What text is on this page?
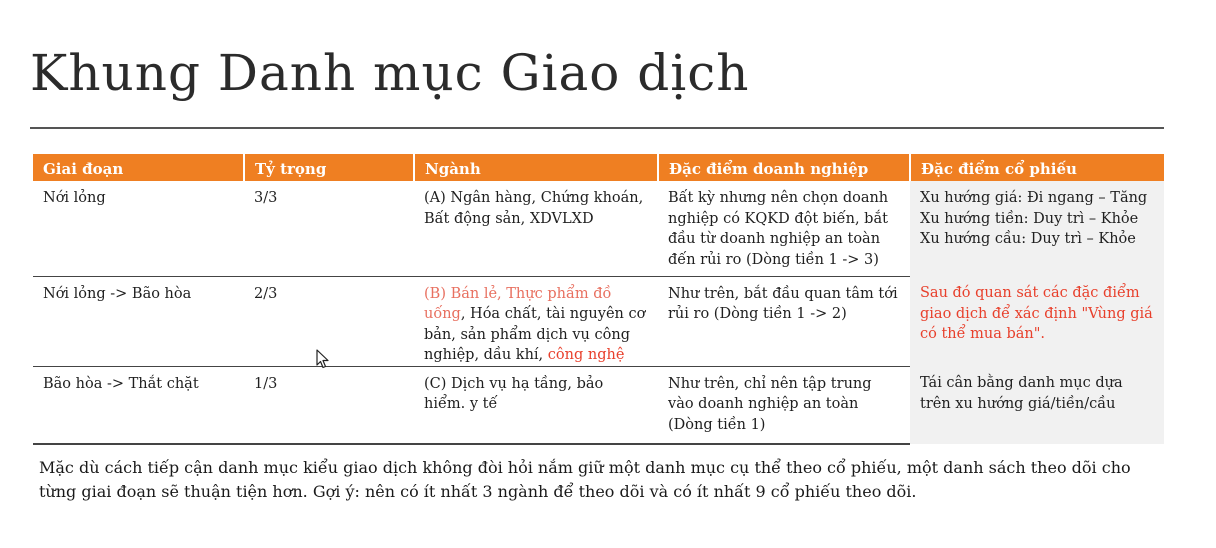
Khung Danh mục Giao dịch
Giai đoạn	Tỷ trọng	Ngành	Đặc điểm doanh nghiệp	Đặc điểm cổ phiếu
Nới lỏng	3/3	(A) Ngân hàng, Chứng khoán, Bất động sản, XDVLXD	Bất kỳ nhưng nên chọn doanh nghiệp có KQKD đột biến, bắt đầu từ doanh nghiệp an toàn đến rủi ro (Dòng tiền 1 -> 3)	Xu hướng giá: Đi ngang – Tăng
Xu hướng tiền: Duy trì – Khỏe
Xu hướng cầu: Duy trì – Khỏe

Nới lỏng -> Bão hòa	2/3	(B) Bán lẻ, Thực phẩm đồ uống, Hóa chất, tài nguyên cơ bản, sản phẩm dịch vụ công nghiệp, dầu khí, công nghệ	Như trên, bắt đầu quan tâm tới rủi ro (Dòng tiền 1 -> 2)	Sau đó quan sát các đặc điểm giao dịch để xác định "Vùng giá có thể mua bán".
Bão hòa -> Thắt chặt	1/3	(C) Dịch vụ hạ tầng, bảo hiểm. y tế	Như trên, chỉ nên tập trung vào doanh nghiệp an toàn (Dòng tiền 1)	Tái cân bằng danh mục dựa trên xu hướng giá/tiền/cầu
Mặc dù cách tiếp cận danh mục kiểu giao dịch không đòi hỏi nắm giữ một danh mục cụ thể theo cổ phiếu, một danh sách theo dõi cho từng giai đoạn sẽ thuận tiện hơn. Gợi ý: nên có ít nhất 3 ngành để theo dõi và có ít nhất 9 cổ phiếu theo dõi.
